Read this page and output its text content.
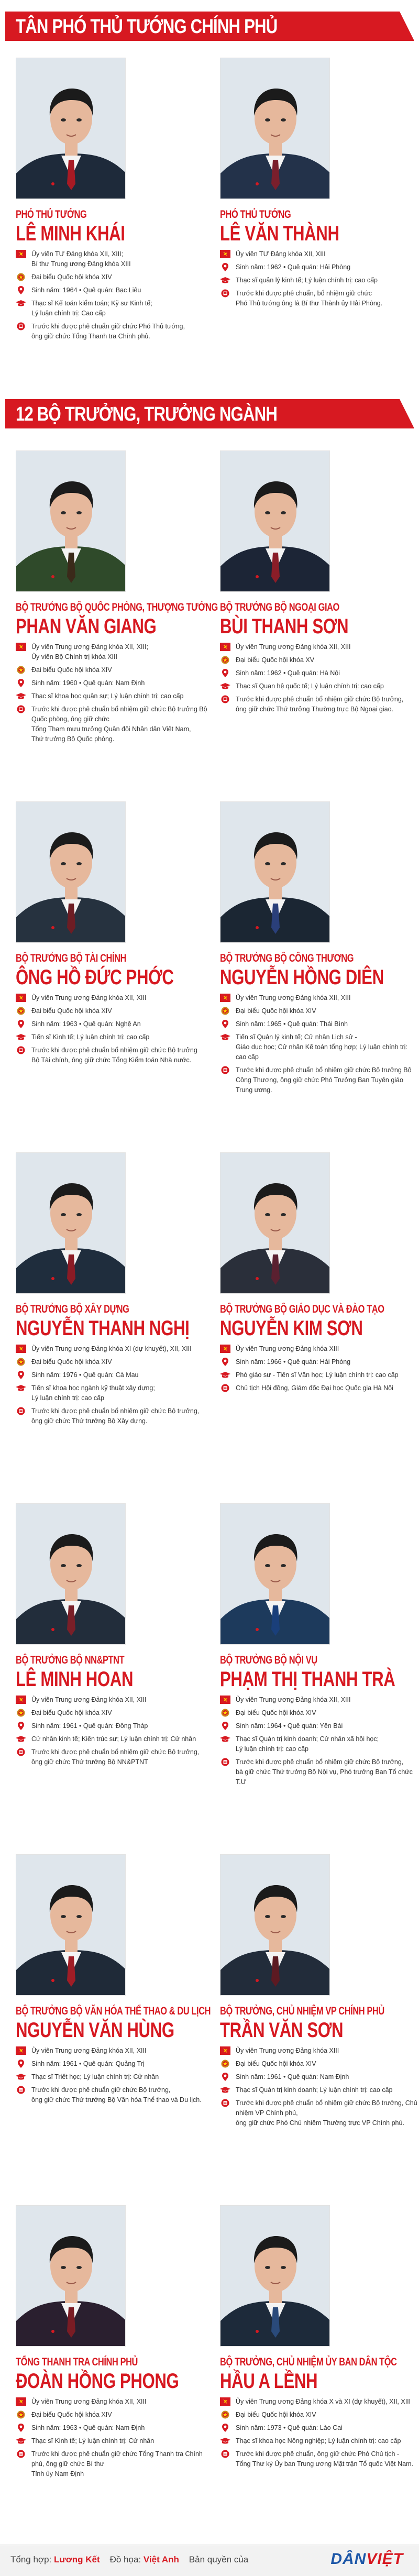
TÂN PHÓ THỦ TƯỚNG CHÍNH PHỦ
12 BỘ TRƯỞNG, TRƯỞNG NGÀNH
PHÓ THỦ TƯỚNG
LÊ MINH KHÁI
Ủy viên TƯ Đảng khóa XII, XIII;
Bí thư Trung ương Đảng khóa XIII
Đại biểu Quốc hội khóa XIV
Sinh năm: 1964 • Quê quán: Bạc Liêu
Thạc sĩ Kế toán kiểm toán; Kỹ sư Kinh tế;
Lý luận chính trị: Cao cấp
Trước khi được phê chuẩn giữ chức Phó Thủ tướng,
ông giữ chức Tổng Thanh tra Chính phủ.
PHÓ THỦ TƯỚNG
LÊ VĂN THÀNH
Ủy viên TƯ Đảng khóa XII, XIII
Sinh năm: 1962 • Quê quán: Hải Phòng
Thạc sĩ quản lý kinh tế; Lý luận chính trị: cao cấp
Trước khi được phê chuẩn, bổ nhiệm giữ chức
Phó Thủ tướng ông là Bí thư Thành ủy Hải Phòng.
BỘ TRƯỞNG BỘ QUỐC PHÒNG, THƯỢNG TƯỚNG
PHAN VĂN GIANG
Ủy viên Trung ương Đảng khóa XII, XIII;
Ủy viên Bộ Chính trị khóa XIII
Đại biểu Quốc hội khóa XIV
Sinh năm: 1960 • Quê quán: Nam Định
Thạc sĩ khoa học quân sự; Lý luận chính trị: cao cấp
Trước khi được phê chuẩn bổ nhiệm giữ chức Bộ trưởng Bộ Quốc phòng, ông giữ chức
Tổng Tham mưu trưởng Quân đội Nhân dân Việt Nam,
Thứ trưởng Bộ Quốc phòng.
BỘ TRƯỞNG BỘ NGOẠI GIAO
BÙI THANH SƠN
Ủy viên Trung ương Đảng khóa XII, XIII
Đại biểu Quốc hội khóa XV
Sinh năm: 1962 • Quê quán: Hà Nội
Thạc sĩ Quan hệ quốc tế; Lý luận chính trị: cao cấp
Trước khi được phê chuẩn bổ nhiệm giữ chức Bộ trưởng,
ông giữ chức Thứ trưởng Thường trực Bộ Ngoại giao.
BỘ TRƯỞNG BỘ TÀI CHÍNH
ÔNG HỒ ĐỨC PHỚC
Ủy viên Trung ương Đảng khóa XII, XIII
Đại biểu Quốc hội khóa XIV
Sinh năm: 1963 • Quê quán: Nghệ An
Tiến sĩ Kinh tế; Lý luận chính trị: cao cấp
Trước khi được phê chuẩn bổ nhiệm giữ chức Bộ trưởng
Bộ Tài chính, ông giữ chức Tổng Kiểm toán Nhà nước.
BỘ TRƯỞNG BỘ CÔNG THƯƠNG
NGUYỄN HỒNG DIÊN
Ủy viên Trung ương Đảng khóa XII, XIII
Đại biểu Quốc hội khóa XIV
Sinh năm: 1965 • Quê quán: Thái Bình
Tiến sĩ Quản lý kinh tế; Cử nhân Lịch sử -
Giáo dục học; Cử nhân Kế toán tổng hợp; Lý luận chính trị: cao cấp
Trước khi được phê chuẩn bổ nhiệm giữ chức Bộ trưởng Bộ
Công Thương, ông giữ chức Phó Trưởng Ban Tuyên giáo Trung ương.
BỘ TRƯỞNG BỘ XÂY DỰNG
NGUYỄN THANH NGHỊ
Ủy viên Trung ương Đảng khóa XI (dự khuyết), XII, XIII
Đại biểu Quốc hội khóa XIV
Sinh năm: 1976 • Quê quán: Cà Mau
Tiến sĩ khoa học ngành kỹ thuật xây dựng;
Lý luận chính trị: cao cấp
Trước khi được phê chuẩn bổ nhiệm giữ chức Bộ trưởng,
ông giữ chức Thứ trưởng Bộ Xây dựng.
BỘ TRƯỞNG BỘ GIÁO DỤC VÀ ĐÀO TẠO
NGUYỄN KIM SƠN
Ủy viên Trung ương Đảng khóa XIII
Sinh năm: 1966 • Quê quán: Hải Phòng
Phó giáo sư - Tiến sĩ Văn học; Lý luận chính trị: cao cấp
Chủ tịch Hội đồng, Giám đốc Đại học Quốc gia Hà Nội
BỘ TRƯỞNG BỘ NN&PTNT
LÊ MINH HOAN
Ủy viên Trung ương Đảng khóa XII, XIII
Đại biểu Quốc hội khóa XIV
Sinh năm: 1961 • Quê quán: Đồng Tháp
Cử nhân kinh tế; Kiến trúc sư; Lý luận chính trị: Cử nhân
Trước khi được phê chuẩn bổ nhiệm giữ chức Bộ trưởng,
ông giữ chức Thứ trưởng Bộ NN&PTNT
BỘ TRƯỞNG BỘ NỘI VỤ
PHẠM THỊ THANH TRÀ
Ủy viên Trung ương Đảng khóa XII, XIII
Đại biểu Quốc hội khóa XIV
Sinh năm: 1964 • Quê quán: Yên Bái
Thạc sĩ Quản trị kinh doanh; Cử nhân xã hội học;
Lý luận chính trị: cao cấp
Trước khi được phê chuẩn bổ nhiệm giữ chức Bộ trưởng,
bà giữ chức Thứ trưởng Bộ Nội vụ, Phó trưởng Ban Tổ chức T.Ư
BỘ TRƯỞNG BỘ VĂN HÓA THỂ THAO & DU LỊCH
NGUYỄN VĂN HÙNG
Ủy viên Trung ương Đảng khóa XII, XIII
Sinh năm: 1961 • Quê quán: Quảng Trị
Thạc sĩ Triết học; Lý luận chính trị: Cử nhân
Trước khi được phê chuẩn giữ chức Bộ trưởng,
ông giữ chức Thứ trưởng Bộ Văn hóa Thể thao và Du lịch.
BỘ TRƯỞNG, CHỦ NHIỆM VP CHÍNH PHỦ
TRẦN VĂN SƠN
Ủy viên Trung ương Đảng khóa XIII
Đại biểu Quốc hội khóa XIV
Sinh năm: 1961 • Quê quán: Nam Định
Thạc sĩ Quản trị kinh doanh; Lý luận chính trị: cao cấp
Trước khi được phê chuẩn bổ nhiệm giữ chức Bộ trưởng, Chủ nhiệm VP Chính phủ,
ông giữ chức Phó Chủ nhiệm Thường trực VP Chính phủ.
TỔNG THANH TRA CHÍNH PHỦ
ĐOÀN HỒNG PHONG
Ủy viên Trung ương Đảng khóa XII, XIII
Đại biểu Quốc hội khóa XIV
Sinh năm: 1963 • Quê quán: Nam Định
Thạc sĩ Kinh tế; Lý luận chính trị: Cử nhân
Trước khi được phê chuẩn giữ chức Tổng Thanh tra Chính phủ, ông giữ chức Bí thư
Tỉnh ủy Nam Định
BỘ TRƯỞNG, CHỦ NHIỆM ỦY BAN DÂN TỘC
HẦU A LỀNH
Ủy viên Trung ương Đảng khóa X và XI (dự khuyết), XII, XIII
Đại biểu Quốc hội khóa XIV
Sinh năm: 1973 • Quê quán: Lào Cai
Thạc sĩ khoa học Nông nghiệp; Lý luận chính trị: cao cấp
Trước khi được phê chuẩn, ông giữ chức Phó Chủ tịch -
Tổng Thư ký Ủy ban Trung ương Mặt trận Tổ quốc Việt Nam.
Tổng hợp: Lương Kết Đồ họa: Việt Anh Bản quyền của	DÂNVIỆT
